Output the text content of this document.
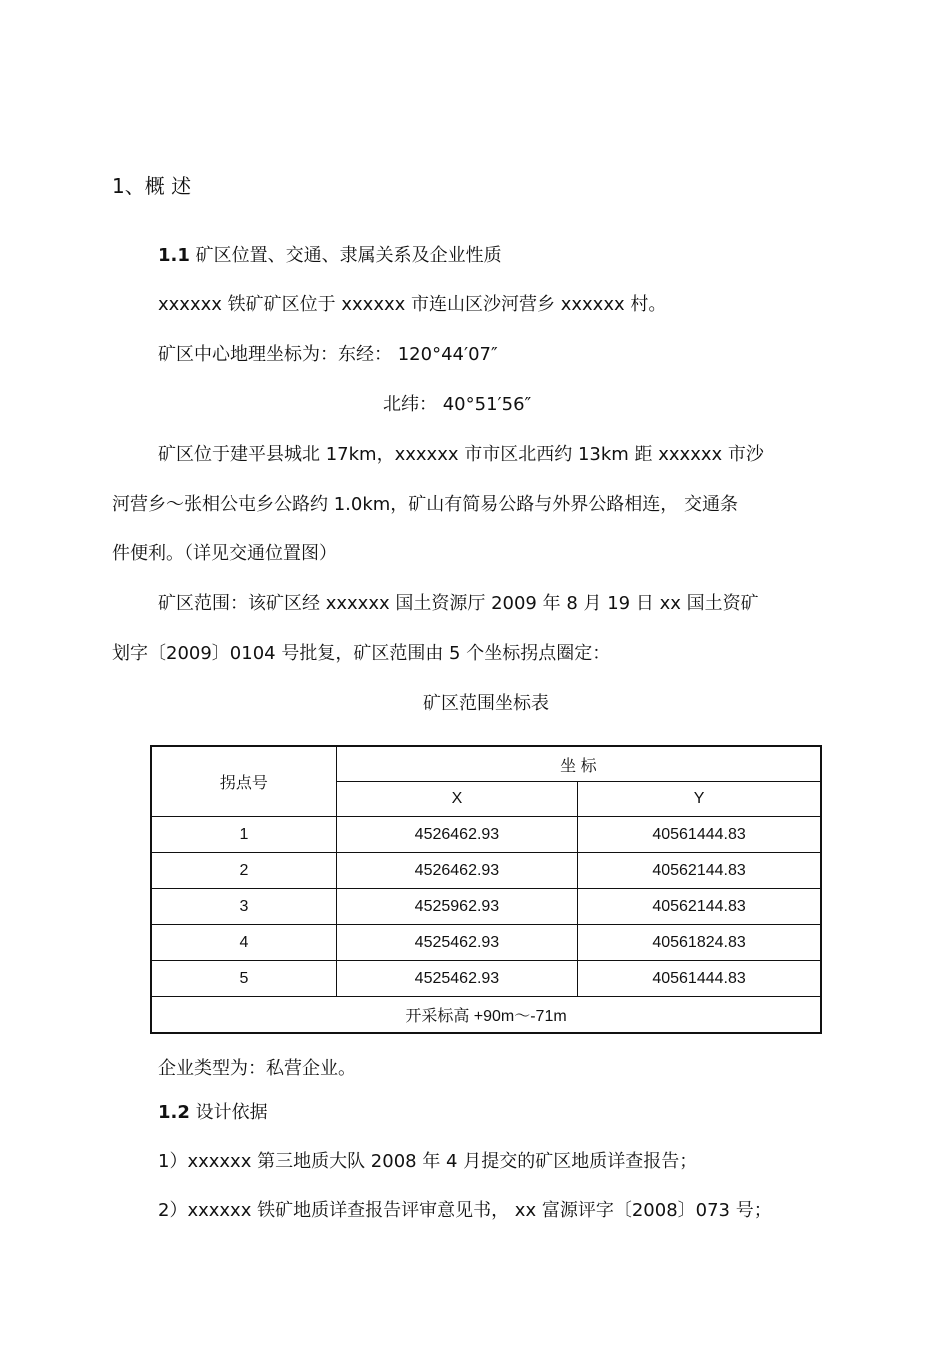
1、概 述
1.1 矿区位置、交通、隶属关系及企业性质
xxxxxx 铁矿矿区位于 xxxxxx 市连山区沙河营乡 xxxxxx 村。
矿区中心地理坐标为：东经： 120°44′07″
北纬： 40°51′56″
矿区位于建平县城北 17km，xxxxxx 市市区北西约 13km 距 xxxxxx 市沙
河营乡～张相公屯乡公路约 1.0km，矿山有简易公路与外界公路相连， 交通条
件便利。（详见交通位置图）
矿区范围：该矿区经 xxxxxx 国土资源厅 2009 年 8 月 19 日 xx 国土资矿
划字〔2009〕0104 号批复，矿区范围由 5 个坐标拐点圈定：
矿区范围坐标表
拐点号	坐 标	
	X	Y
1	4526462.93	40561444.83
2	4526462.93	40562144.83
3	4525962.93	40562144.83
4	4525462.93	40561824.83
5	4525462.93	40561444.83
开采标高 +90m～-71m		
企业类型为：私营企业。
1.2 设计依据
1）xxxxxx 第三地质大队 2008 年 4 月提交的矿区地质详查报告；
2）xxxxxx 铁矿地质详查报告评审意见书， xx 富源评字〔2008〕073 号；
